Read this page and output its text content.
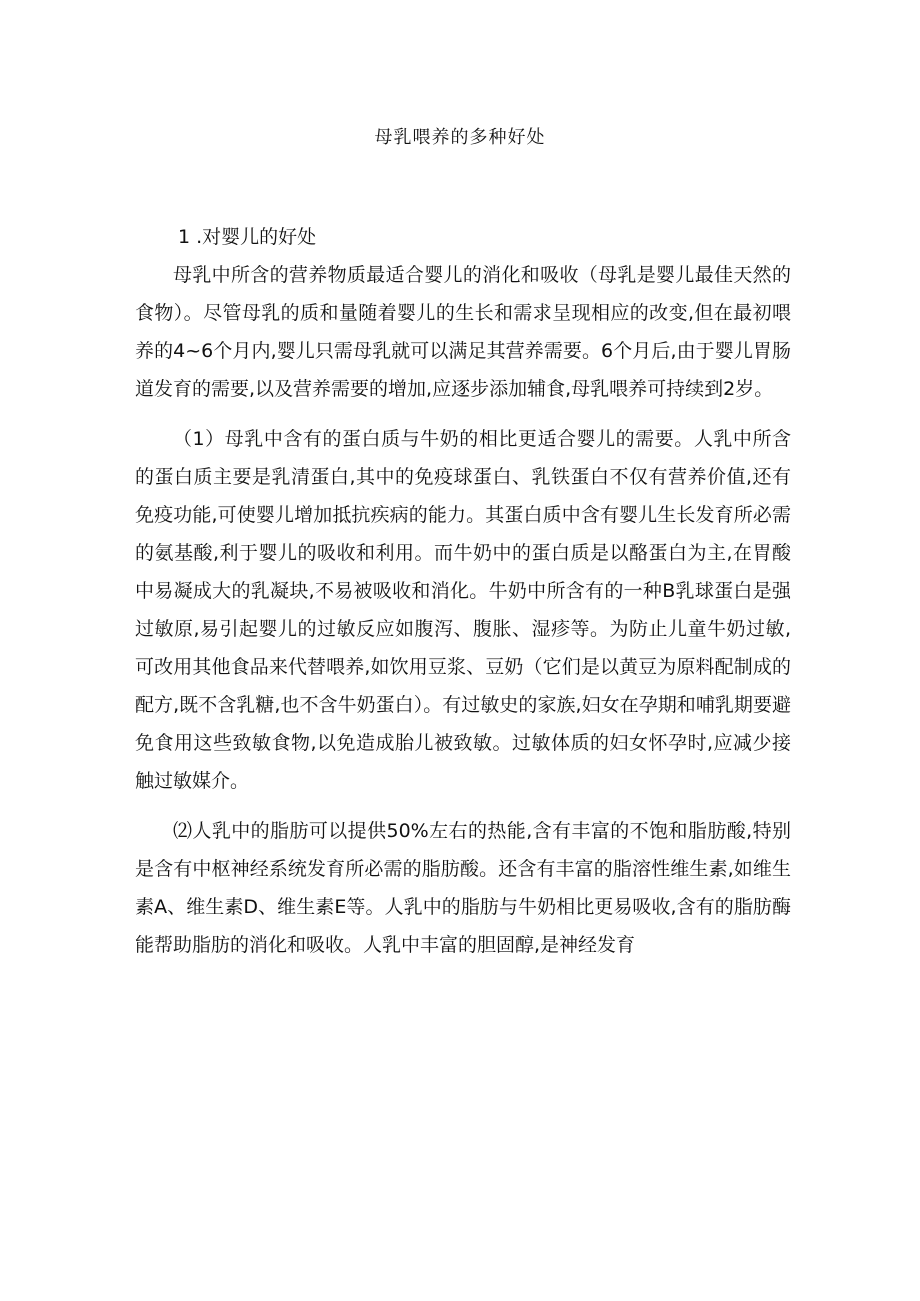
母乳喂养的多种好处

1 .对婴儿的好处

母乳中所含的营养物质最适合婴儿的消化和吸收（母乳是婴儿最佳天然的食物）。尽管母乳的质和量随着婴儿的生长和需求呈现相应的改变,但在最初喂养的4~6个月内,婴儿只需母乳就可以满足其营养需要。6个月后,由于婴儿胃肠道发育的需要,以及营养需要的增加,应逐步添加辅食,母乳喂养可持续到2岁。

（1）母乳中含有的蛋白质与牛奶的相比更适合婴儿的需要。人乳中所含的蛋白质主要是乳清蛋白,其中的免疫球蛋白、乳铁蛋白不仅有营养价值,还有免疫功能,可使婴儿增加抵抗疾病的能力。其蛋白质中含有婴儿生长发育所必需的氨基酸,利于婴儿的吸收和利用。而牛奶中的蛋白质是以酪蛋白为主,在胃酸中易凝成大的乳凝块,不易被吸收和消化。牛奶中所含有的一种B乳球蛋白是强过敏原,易引起婴儿的过敏反应如腹泻、腹胀、湿疹等。为防止儿童牛奶过敏,可改用其他食品来代替喂养,如饮用豆浆、豆奶（它们是以黄豆为原料配制成的配方,既不含乳糖,也不含牛奶蛋白）。有过敏史的家族,妇女在孕期和哺乳期要避免食用这些致敏食物,以免造成胎儿被致敏。过敏体质的妇女怀孕时,应减少接触过敏媒介。

⑵人乳中的脂肪可以提供50%左右的热能,含有丰富的不饱和脂肪酸,特别是含有中枢神经系统发育所必需的脂肪酸。还含有丰富的脂溶性维生素,如维生素A、维生素D、维生素E等。人乳中的脂肪与牛奶相比更易吸收,含有的脂肪酶能帮助脂肪的消化和吸收。人乳中丰富的胆固醇,是神经发育
